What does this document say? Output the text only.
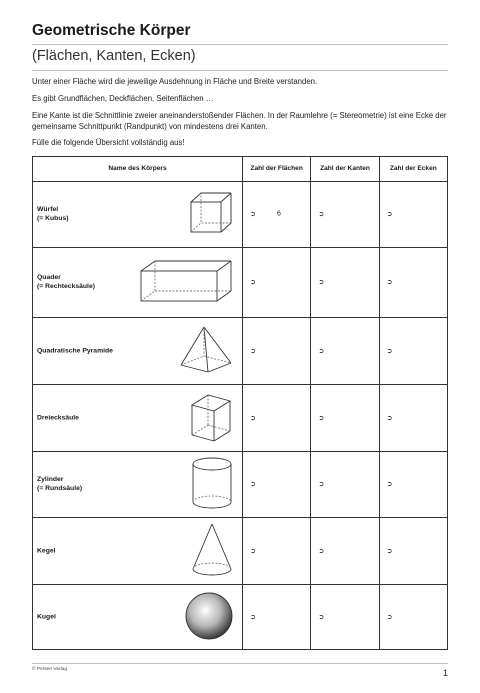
Geometrische Körper
(Flächen, Kanten, Ecken)
Unter einer Fläche wird die jeweilige Ausdehnung in Fläche und Breite verstanden.
Es gibt Grundflächen, Deckflächen, Seitenflächen …
Eine Kante ist die Schnittlinie zweier aneinanderstoßender Flächen. In der Raumlehre (= Stereometrie) ist eine Ecke der gemeinsame Schnittpunkt (Randpunkt) von mindestens drei Kanten.
Fülle die folgende Übersicht vollständig aus!
Name des Körpers	Zahl der Flächen	Zahl der Kanten	Zahl der Ecken

Würfel
(= Kubus)	➲ 6	➲	➲

Quader
(= Rechtecksäule)	➲	➲	➲

Quadratische Pyramide	➲	➲	➲

Dreiecksäule	➲	➲	➲

Zylinder
(= Rundsäule)	➲	➲	➲

Kegel	➲	➲	➲

Kugel	➲	➲	➲
© Persen Verlag	1
